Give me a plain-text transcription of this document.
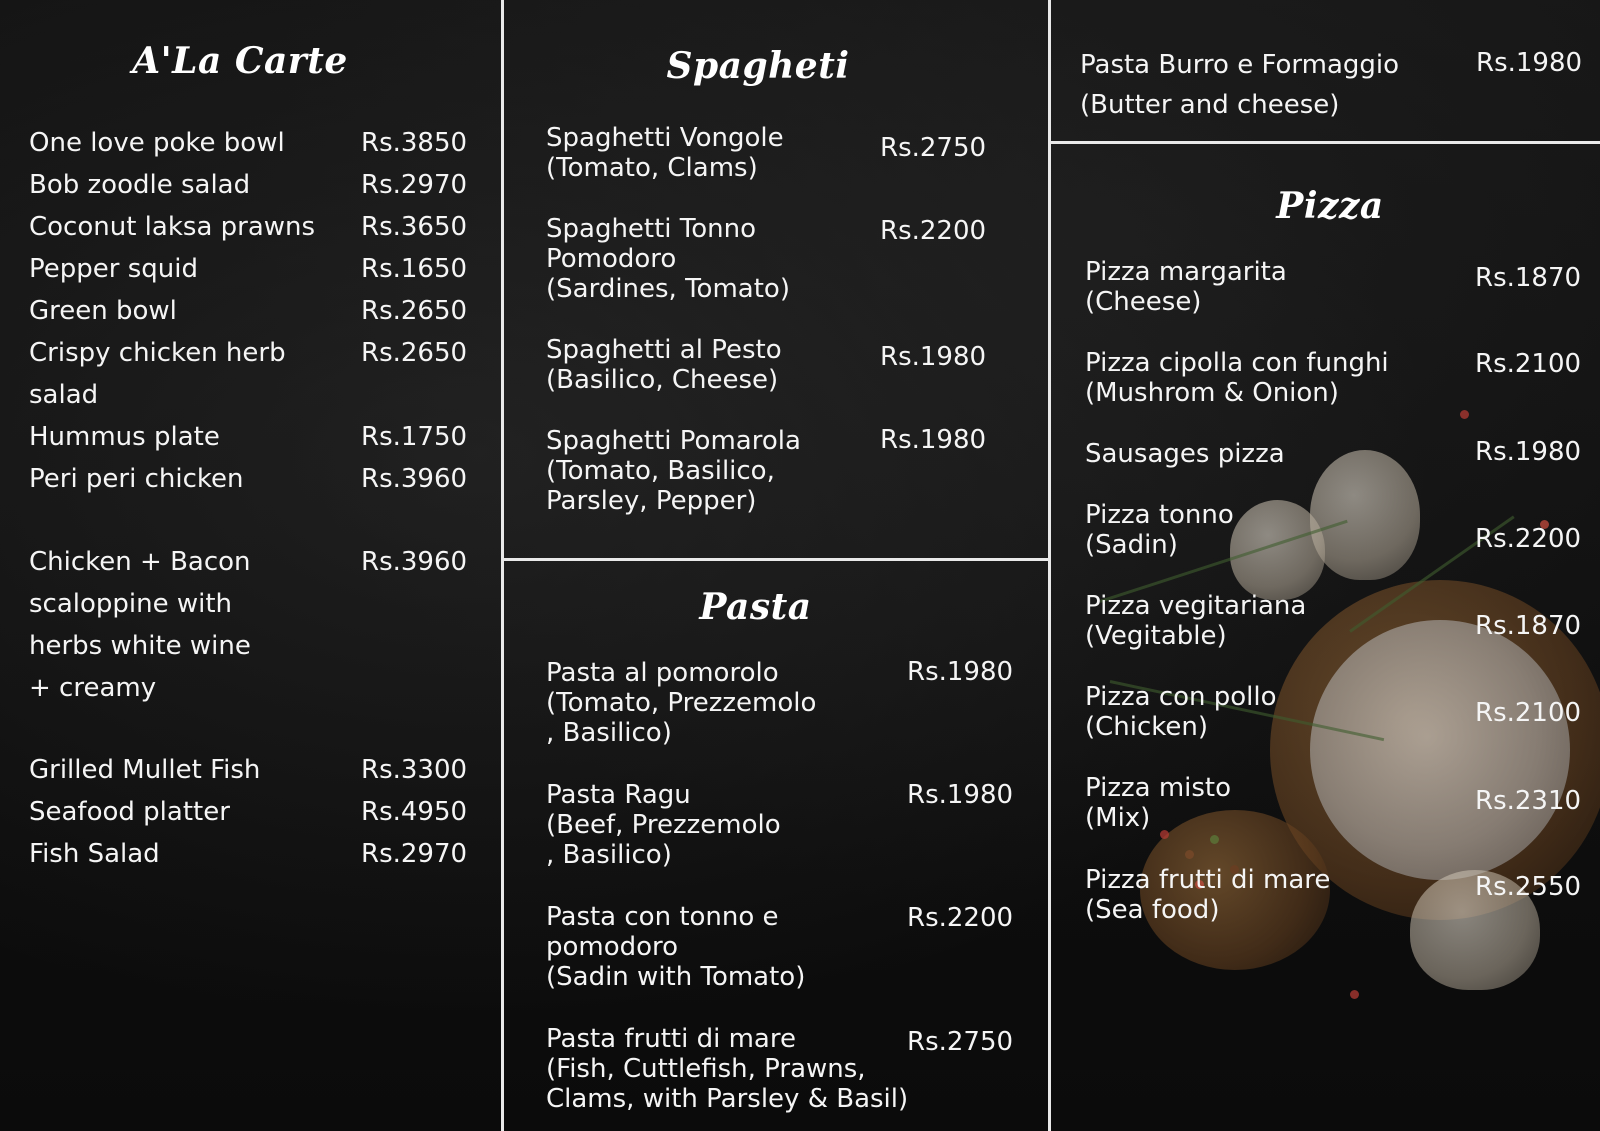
A'La Carte
One love poke bowl	Rs.3850
Bob zoodle salad	Rs.2970
Coconut laksa prawns Rs.3650
Pepper squid	Rs.1650
Green bowl	Rs.2650
Crispy chicken herb
salad
Rs.2650
Hummus plate	Rs.1750
Peri peri chicken	Rs.3960
Chicken + Bacon
scaloppine with
herbs white wine
+ creamy
Rs.3960
Grilled Mullet Fish	Rs.3300
Seafood platter	Rs.4950
Fish Salad	Rs.2970
Spagheti
Spaghetti Vongole
(Tomato, Clams)
Rs.2750
Spaghetti Tonno
Pomodoro
(Sardines, Tomato)
Rs.2200
Spaghetti al Pesto
(Basilico, Cheese)
Rs.1980
Spaghetti Pomarola
(Tomato, Basilico,
Parsley, Pepper)
Rs.1980
Pasta
Pasta al pomorolo
(Tomato, Prezzemolo
, Basilico)
Rs.1980
Pasta Ragu
(Beef, Prezzemolo
, Basilico)
Rs.1980
Pasta con tonno e
pomodoro
(Sadin with Tomato)
Rs.2200
Pasta frutti di mare
(Fish, Cuttlefish, Prawns,
Clams, with Parsley & Basil)
Rs.2750
Pasta Burro e Formaggio
(Butter and cheese)
Rs.1980
Pizza
Pizza margarita
(Cheese)
Rs.1870
Pizza cipolla con funghi
(Mushrom & Onion)
Rs.2100
Sausages pizza	Rs.1980
Pizza tonno
(Sadin)	Rs.2200
Pizza vegitariana
(Vegitable)	Rs.1870
Pizza con pollo
(Chicken)	Rs.2100
Pizza misto
(Mix)
Rs.2310
Pizza frutti di mare
(Sea food)
Rs.2550
